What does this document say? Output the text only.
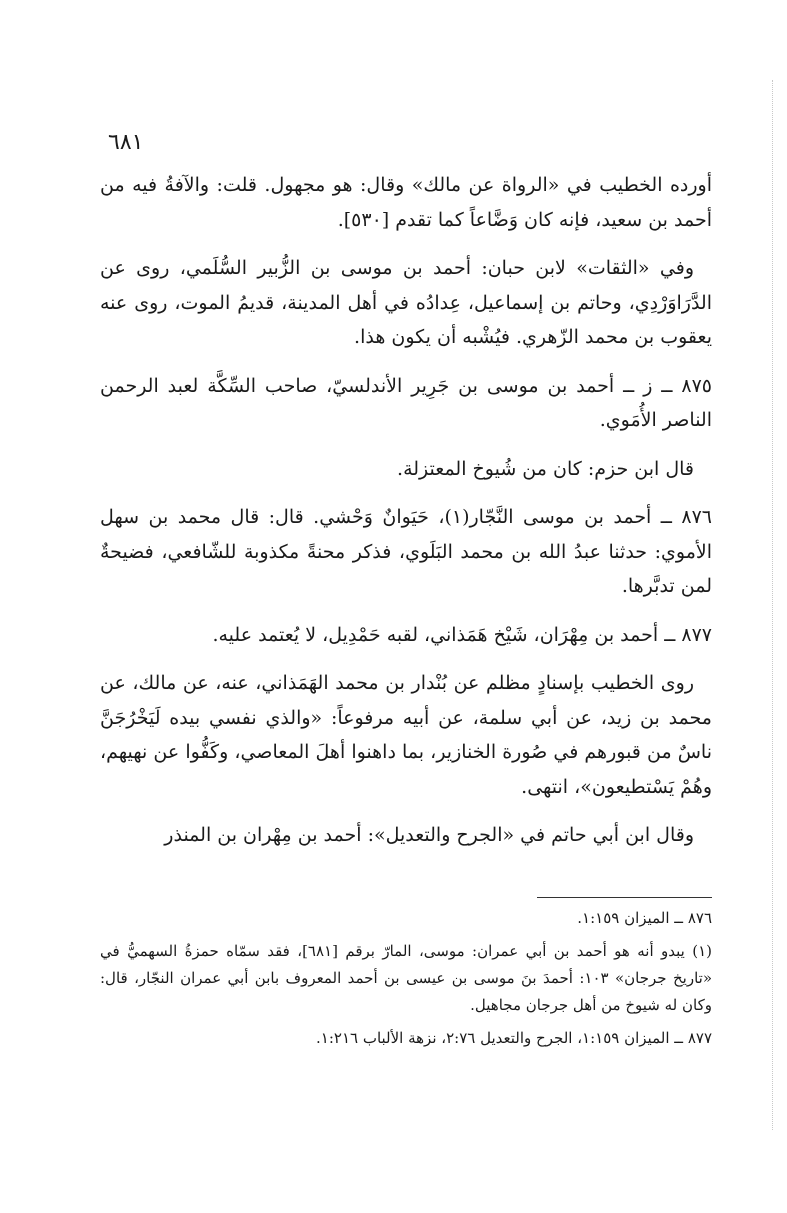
٦٨١

أورده الخطيب في «الرواة عن مالك» وقال: هو مجهول. قلت: والآفةُ فيه من أحمد بن سعيد، فإنه كان وَضَّاعاً كما تقدم [٥٣٠].

وفي «الثقات» لابن حبان: أحمد بن موسى بن الزُّبير السُّلَمي، روى عن الدَّرَاوَرْدِي، وحاتم بن إسماعيل، عِدادُه في أهل المدينة، قديمُ الموت، روى عنه يعقوب بن محمد الزّهري. فيُشْبه أن يكون هذا.

٨٧٥ ــ ز ــ أحمد بن موسى بن جَرِير الأندلسيّ، صاحب السِّكَّة لعبد الرحمن الناصر الأُمَوي.

قال ابن حزم: كان من شُيوخ المعتزلة.

٨٧٦ ــ أحمد بن موسى النَّجّار(١)، حَيَوانٌ وَحْشي. قال: قال محمد بن سهل الأموي: حدثنا عبدُ الله بن محمد البَلَوي، فذكر محنةً مكذوبة للشّافعي، فضيحةٌ لمن تدبَّرها.

٨٧٧ ــ أحمد بن مِهْرَان، شَيْخ هَمَذاني، لقبه حَمْدِيل، لا يُعتمد عليه.

روى الخطيب بإسنادٍ مظلم عن بُنْدار بن محمد الهَمَذاني، عنه، عن مالك، عن محمد بن زيد، عن أبي سلمة، عن أبيه مرفوعاً: «والذي نفسي بيده لَيَخْرُجَنَّ ناسٌ من قبورهم في صُورة الخنازير، بما داهنوا أهلَ المعاصي، وكَفُّوا عن نهيهم، وهُمْ يَسْتطيعون»، انتهى.

وقال ابن أبي حاتم في «الجرح والتعديل»: أحمد بن مِهْران بن المنذر

٨٧٦ ــ الميزان ١:١٥٩.

(١) يبدو أنه هو أحمد بن أبي عمران: موسى، المارّ برقم [٦٨١]، فقد سمّاه حمزةُ السهميُّ في «تاريخ جرجان» ١٠٣: أحمدَ بنَ موسى بن عيسى بن أحمد المعروف بابن أبي عمران النجّار، قال: وكان له شيوخ من أهل جرجان مجاهيل.

٨٧٧ ــ الميزان ١:١٥٩، الجرح والتعديل ٢:٧٦، نزهة الألباب ١:٢١٦.
